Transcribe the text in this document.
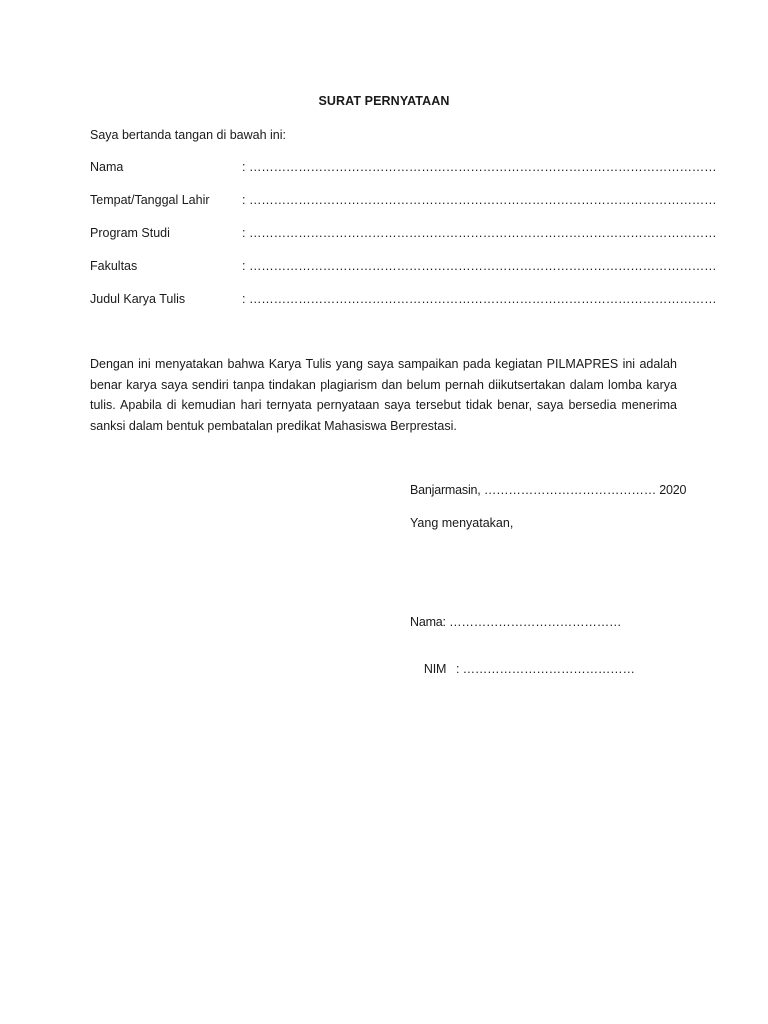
SURAT PERNYATAAN
Saya bertanda tangan di bawah ini:
Nama	: ……………………………………………………………………………………………………
Tempat/Tanggal Lahir	: ……………………………………………………………………………………………………
Program Studi	: ……………………………………………………………………………………………………
Fakultas	: ……………………………………………………………………………………………………
Judul Karya Tulis	: ……………………………………………………………………………………………………
Dengan ini menyatakan bahwa Karya Tulis yang saya sampaikan pada kegiatan PILMAPRES ini adalah benar karya saya sendiri tanpa tindakan plagiarism dan belum pernah diikutsertakan dalam lomba karya tulis. Apabila di kemudian hari ternyata pernyataan saya tersebut tidak benar, saya bersedia menerima sanksi dalam bentuk pembatalan predikat Mahasiswa Berprestasi.
Banjarmasin, …………………………………… 2020
Yang menyatakan,
Nama: ……………………………………

NIM   : ……………………………………
